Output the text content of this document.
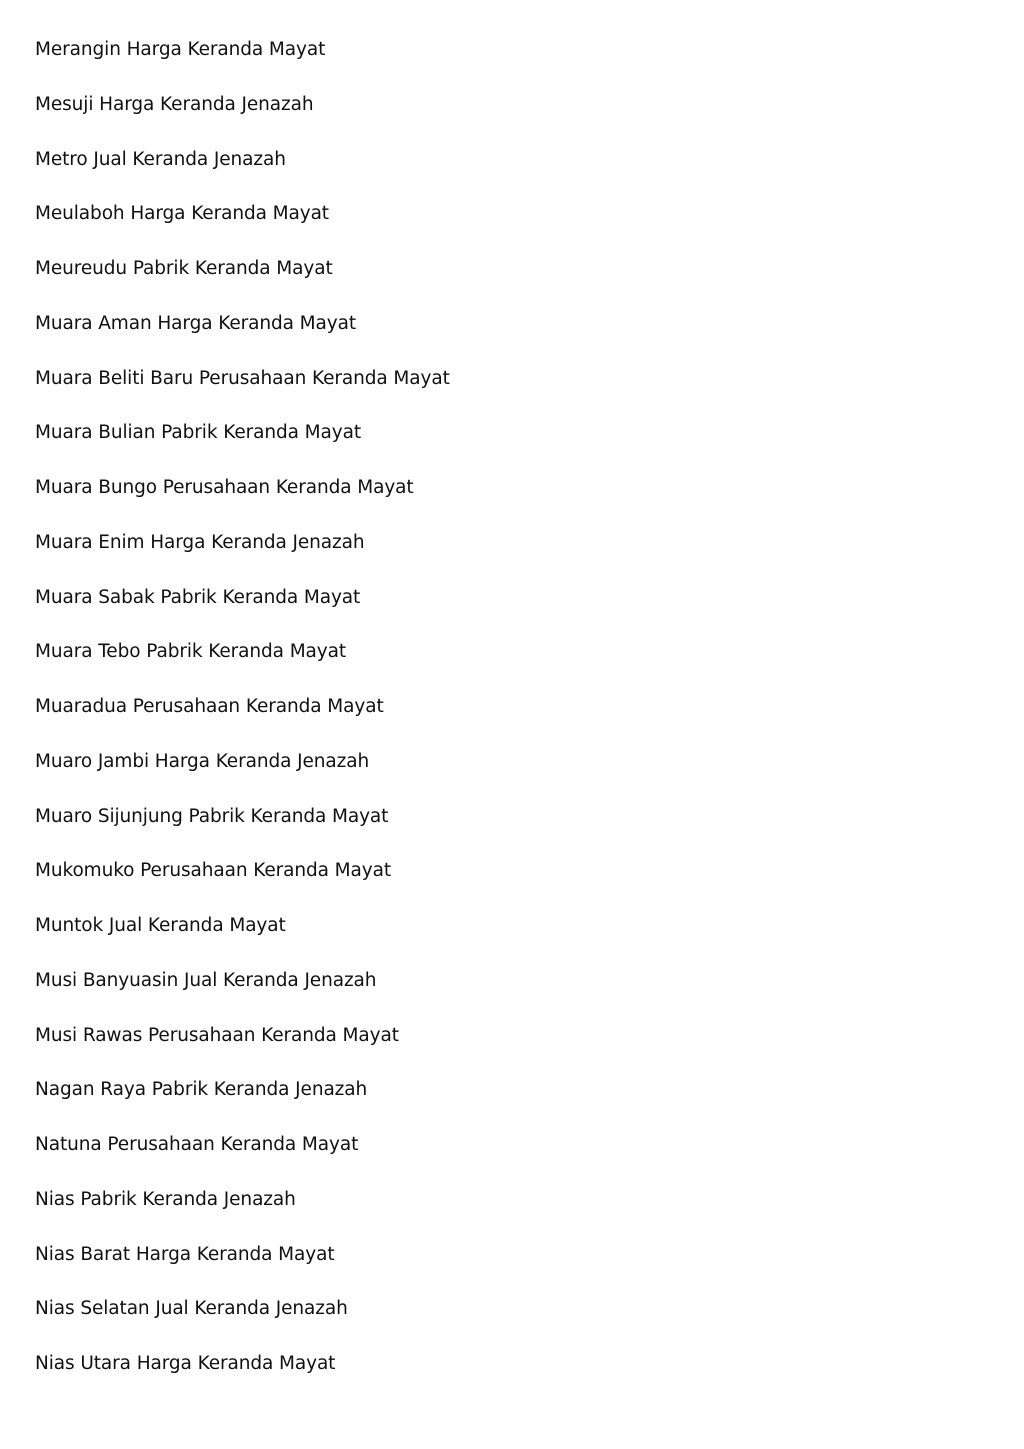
Merangin Harga Keranda Mayat
Mesuji Harga Keranda Jenazah
Metro Jual Keranda Jenazah
Meulaboh Harga Keranda Mayat
Meureudu Pabrik Keranda Mayat
Muara Aman Harga Keranda Mayat
Muara Beliti Baru Perusahaan Keranda Mayat
Muara Bulian Pabrik Keranda Mayat
Muara Bungo Perusahaan Keranda Mayat
Muara Enim Harga Keranda Jenazah
Muara Sabak Pabrik Keranda Mayat
Muara Tebo Pabrik Keranda Mayat
Muaradua Perusahaan Keranda Mayat
Muaro Jambi Harga Keranda Jenazah
Muaro Sijunjung Pabrik Keranda Mayat
Mukomuko Perusahaan Keranda Mayat
Muntok Jual Keranda Mayat
Musi Banyuasin Jual Keranda Jenazah
Musi Rawas Perusahaan Keranda Mayat
Nagan Raya Pabrik Keranda Jenazah
Natuna Perusahaan Keranda Mayat
Nias Pabrik Keranda Jenazah
Nias Barat Harga Keranda Mayat
Nias Selatan Jual Keranda Jenazah
Nias Utara Harga Keranda Mayat
